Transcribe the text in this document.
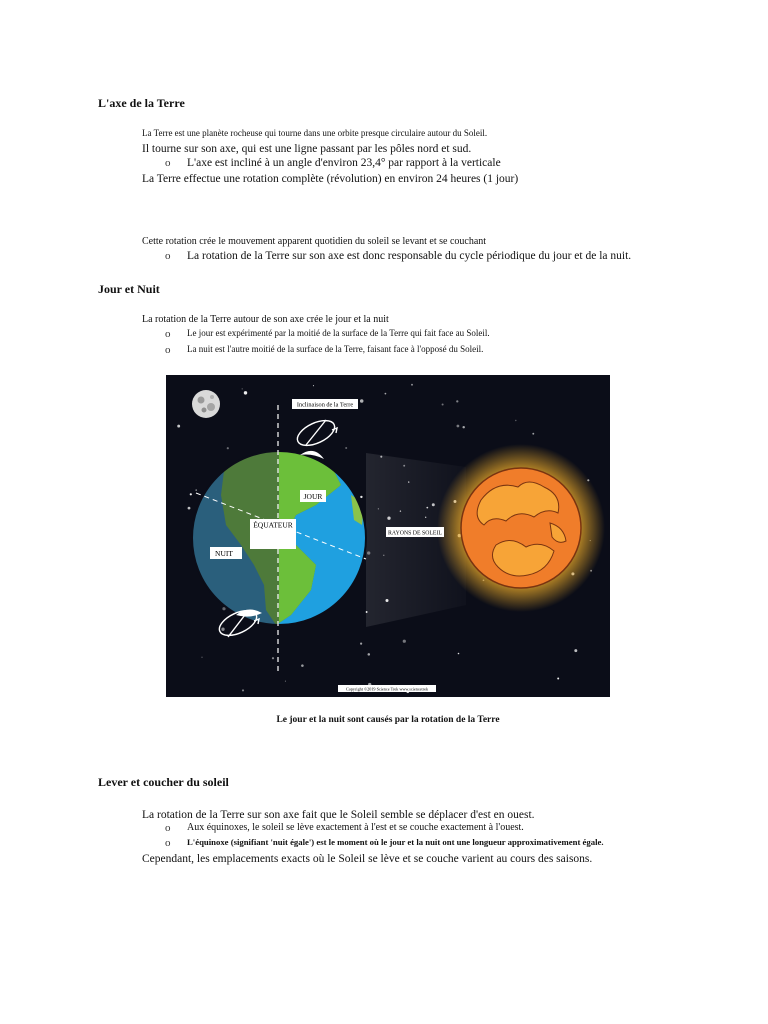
L'axe de la Terre
La Terre est une planète rocheuse qui tourne dans une orbite presque circulaire autour du Soleil.
Il tourne sur son axe, qui est une ligne passant par les pôles nord et sud.
o L'axe est incliné à un angle d'environ 23,4° par rapport à la verticale
La Terre effectue une rotation complète (révolution) en environ 24 heures (1 jour)
Cette rotation crée le mouvement apparent quotidien du soleil se levant et se couchant
o La rotation de la Terre sur son axe est donc responsable du cycle périodique du jour et de la nuit.
Jour et Nuit
La rotation de la Terre autour de son axe crée le jour et la nuit
o Le jour est expérimenté par la moitié de la surface de la Terre qui fait face au Soleil.
o La nuit est l'autre moitié de la surface de la Terre, faisant face à l'opposé du Soleil.
Inclinaison de la Terre
JOUR
ÉQUATEUR
NUIT
RAYONS DE SOLEIL
Copyright ©2019 Science Trek www.sciencetrek
Le jour et la nuit sont causés par la rotation de la Terre
Lever et coucher du soleil
La rotation de la Terre sur son axe fait que le Soleil semble se déplacer d'est en ouest.
o Aux équinoxes, le soleil se lève exactement à l'est et se couche exactement à l'ouest.
o L'équinoxe (signifiant 'nuit égale') est le moment où le jour et la nuit ont une longueur approximativement égale.
Cependant, les emplacements exacts où le Soleil se lève et se couche varient au cours des saisons.
